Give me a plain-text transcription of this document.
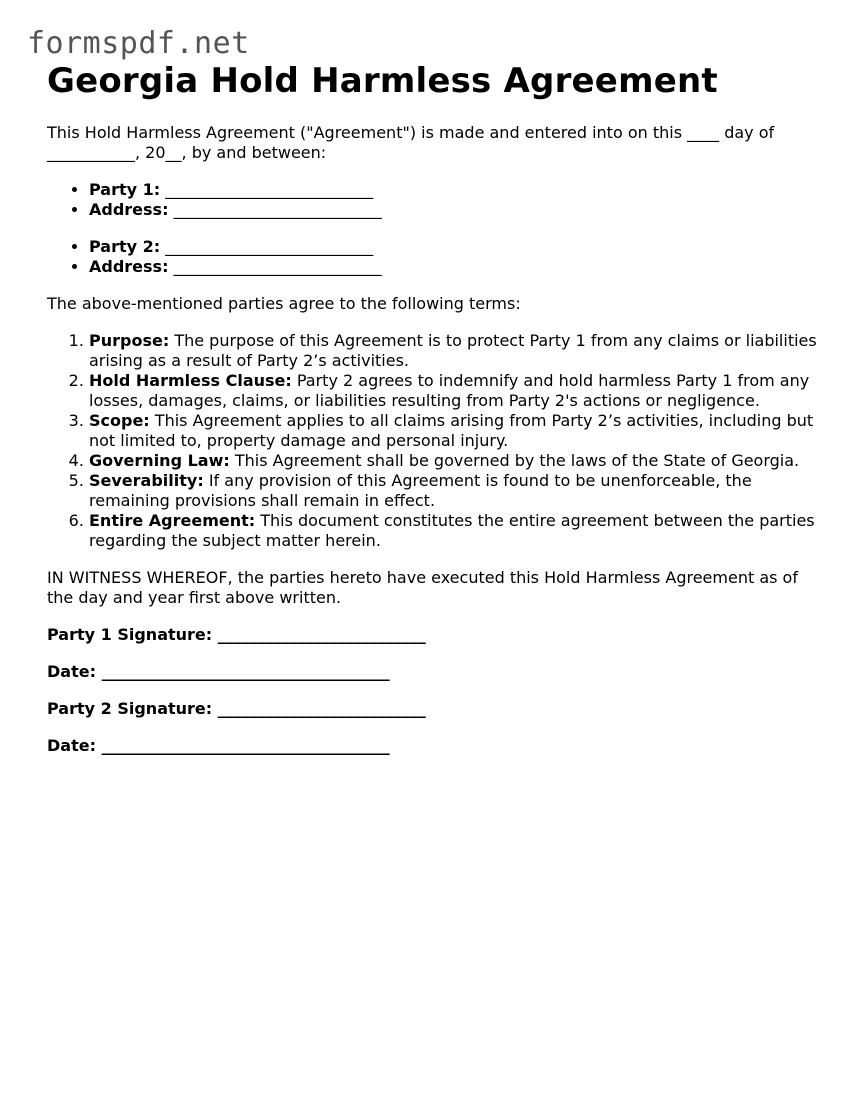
formspdf.net
Georgia Hold Harmless Agreement

This Hold Harmless Agreement ("Agreement") is made and entered into on this ____ day of ___________, 20__, by and between:

• Party 1: __________________________
• Address: __________________________
• Party 2: __________________________
• Address: __________________________

The above-mentioned parties agree to the following terms:

1. Purpose: The purpose of this Agreement is to protect Party 1 from any claims or liabilities arising as a result of Party 2’s activities.
2. Hold Harmless Clause: Party 2 agrees to indemnify and hold harmless Party 1 from any losses, damages, claims, or liabilities resulting from Party 2's actions or negligence.
3. Scope: This Agreement applies to all claims arising from Party 2’s activities, including but not limited to, property damage and personal injury.
4. Governing Law: This Agreement shall be governed by the laws of the State of Georgia.
5. Severability: If any provision of this Agreement is found to be unenforceable, the remaining provisions shall remain in effect.
6. Entire Agreement: This document constitutes the entire agreement between the parties regarding the subject matter herein.

IN WITNESS WHEREOF, the parties hereto have executed this Hold Harmless Agreement as of the day and year first above written.

Party 1 Signature: __________________________

Date: ____________________________________

Party 2 Signature: __________________________

Date: ____________________________________
